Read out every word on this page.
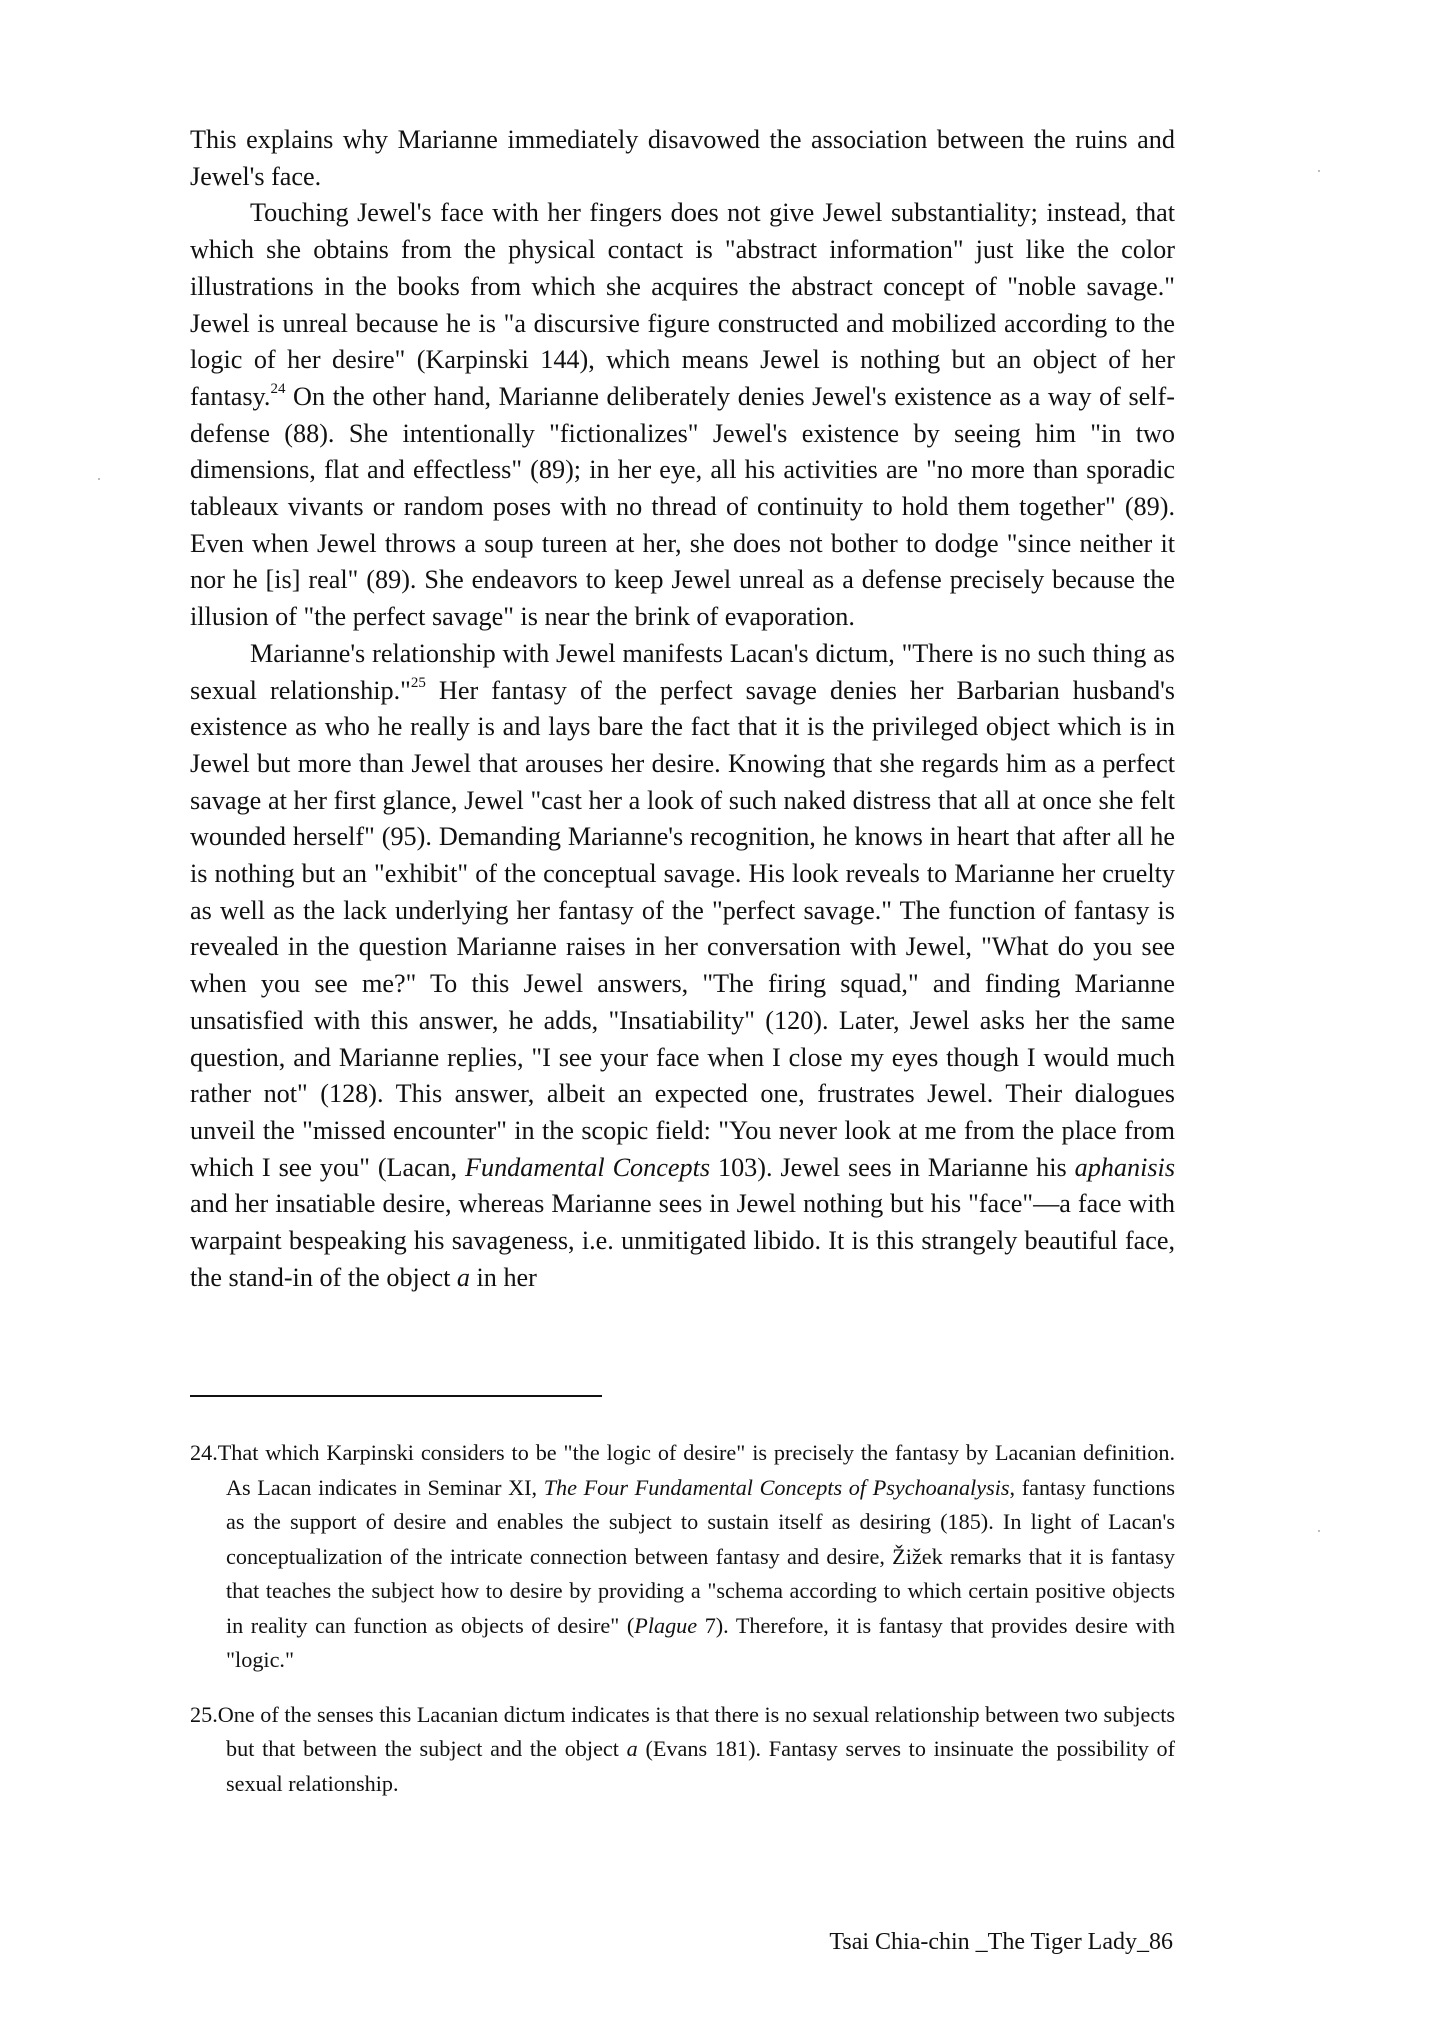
This explains why Marianne immediately disavowed the association between the ruins and Jewel's face.

Touching Jewel's face with her fingers does not give Jewel substantiality; instead, that which she obtains from the physical contact is "abstract information" just like the color illustrations in the books from which she acquires the abstract concept of "noble savage." Jewel is unreal because he is "a discursive figure constructed and mobilized according to the logic of her desire" (Karpinski 144), which means Jewel is nothing but an object of her fantasy.$^{24}$ On the other hand, Marianne deliberately denies Jewel's existence as a way of self-defense (88). She intentionally "fictionalizes" Jewel's existence by seeing him "in two dimensions, flat and effectless" (89); in her eye, all his activities are "no more than sporadic tableaux vivants or random poses with no thread of continuity to hold them together" (89). Even when Jewel throws a soup tureen at her, she does not bother to dodge "since neither it nor he [is] real" (89). She endeavors to keep Jewel unreal as a defense precisely because the illusion of "the perfect savage" is near the brink of evaporation.

Marianne's relationship with Jewel manifests Lacan's dictum, "There is no such thing as sexual relationship."$^{25}$ Her fantasy of the perfect savage denies her Barbarian husband's existence as who he really is and lays bare the fact that it is the privileged object which is in Jewel but more than Jewel that arouses her desire. Knowing that she regards him as a perfect savage at her first glance, Jewel "cast her a look of such naked distress that all at once she felt wounded herself" (95). Demanding Marianne's recognition, he knows in heart that after all he is nothing but an "exhibit" of the conceptual savage. His look reveals to Marianne her cruelty as well as the lack underlying her fantasy of the "perfect savage." The function of fantasy is revealed in the question Marianne raises in her conversation with Jewel, "What do you see when you see me?" To this Jewel answers, "The firing squad," and finding Marianne unsatisfied with this answer, he adds, "Insatiability" (120). Later, Jewel asks her the same question, and Marianne replies, "I see your face when I close my eyes though I would much rather not" (128). This answer, albeit an expected one, frustrates Jewel. Their dialogues unveil the "missed encounter" in the scopic field: "You never look at me from the place from which I see you" (Lacan, Fundamental Concepts 103). Jewel sees in Marianne his aphanisis and her insatiable desire, whereas Marianne sees in Jewel nothing but his "face"—a face with warpaint bespeaking his savageness, i.e. unmitigated libido. It is this strangely beautiful face, the stand-in of the object a in her

24.That which Karpinski considers to be "the logic of desire" is precisely the fantasy by Lacanian definition. As Lacan indicates in Seminar XI, The Four Fundamental Concepts of Psychoanalysis, fantasy functions as the support of desire and enables the subject to sustain itself as desiring (185). In light of Lacan's conceptualization of the intricate connection between fantasy and desire, Žižek remarks that it is fantasy that teaches the subject how to desire by providing a "schema according to which certain positive objects in reality can function as objects of desire" (Plague 7). Therefore, it is fantasy that provides desire with "logic."

25.One of the senses this Lacanian dictum indicates is that there is no sexual relationship between two subjects but that between the subject and the object a (Evans 181). Fantasy serves to insinuate the possibility of sexual relationship.

Tsai Chia-chin _The Tiger Lady_86
